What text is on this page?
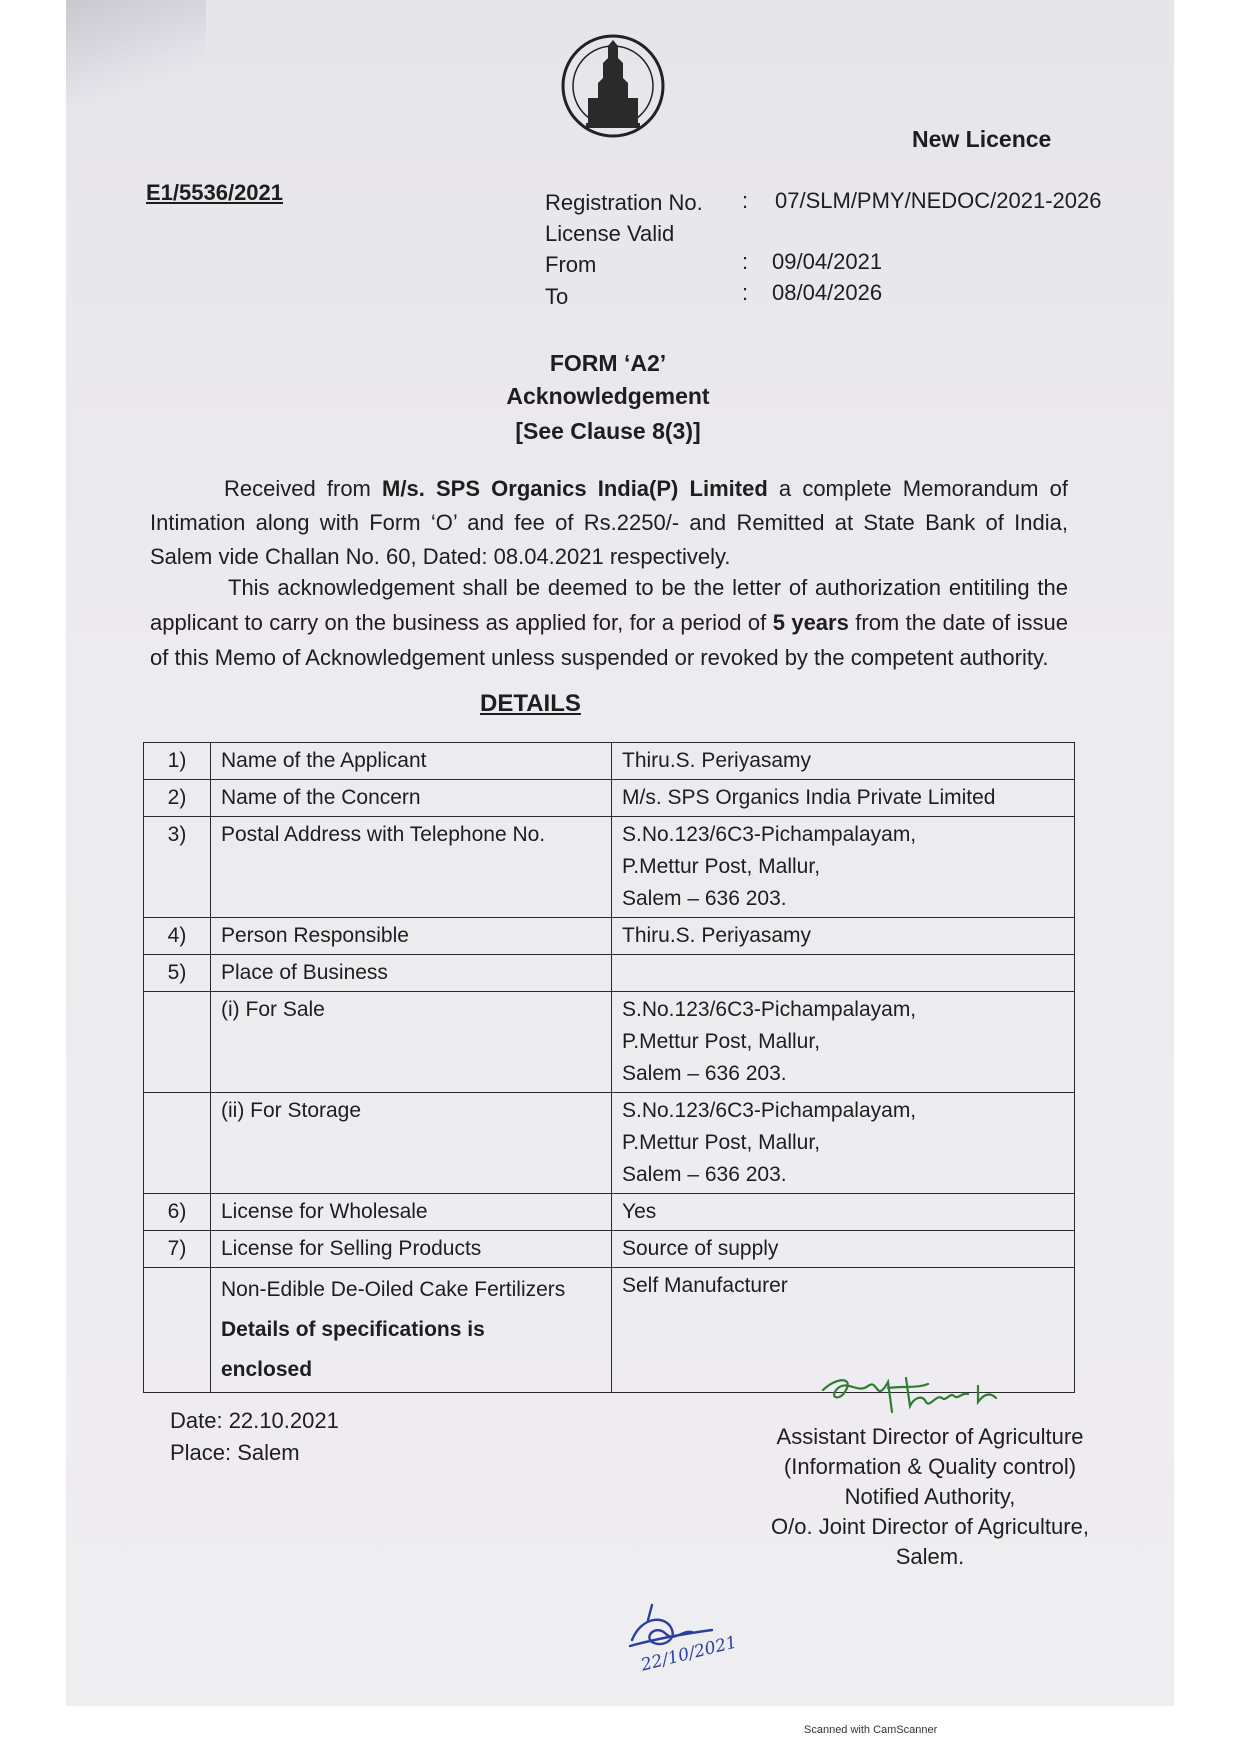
New Licence
E1/5536/2021	Registration No. : 07/SLM/PMY/NEDOC/2021-2026
License Valid
From	: 09/04/2021
To	: 08/04/2026
FORM ‘A2’
Acknowledgement
[See Clause 8(3)]
Received from M/s. SPS Organics India(P) Limited a complete Memorandum of Intimation along with Form ‘O’ and fee of Rs.2250/- and Remitted at State Bank of India, Salem vide Challan No. 60, Dated: 08.04.2021 respectively.
This acknowledgement shall be deemed to be the letter of authorization entitiling the applicant to carry on the business as applied for, for a period of 5 years from the date of issue of this Memo of Acknowledgement unless suspended or revoked by the competent authority.
DETAILS
1)	Name of the Applicant	Thiru.S. Periyasamy
2)	Name of the Concern	M/s. SPS Organics India Private Limited
3)	Postal Address with Telephone No.	S.No.123/6C3-Pichampalayam,
P.Mettur Post, Mallur,
Salem – 636 203.

4)	Person Responsible	Thiru.S. Periyasamy
5)	Place of Business	
	(i) For Sale	S.No.123/6C3-Pichampalayam,
P.Mettur Post, Mallur,
Salem – 636 203.

	(ii) For Storage	S.No.123/6C3-Pichampalayam,
P.Mettur Post, Mallur,
Salem – 636 203.

6)	License for Wholesale	Yes
7)	License for Selling Products	Source of supply

	Non-Edible De-Oiled Cake Fertilizers
Details of specifications is
enclosed	Self Manufacturer
Date: 22.10.2021
Place: Salem
Assistant Director of Agriculture
(Information & Quality control)
Notified Authority,
O/o. Joint Director of Agriculture,
Salem.
22/10/2021
Scanned with CamScanner
